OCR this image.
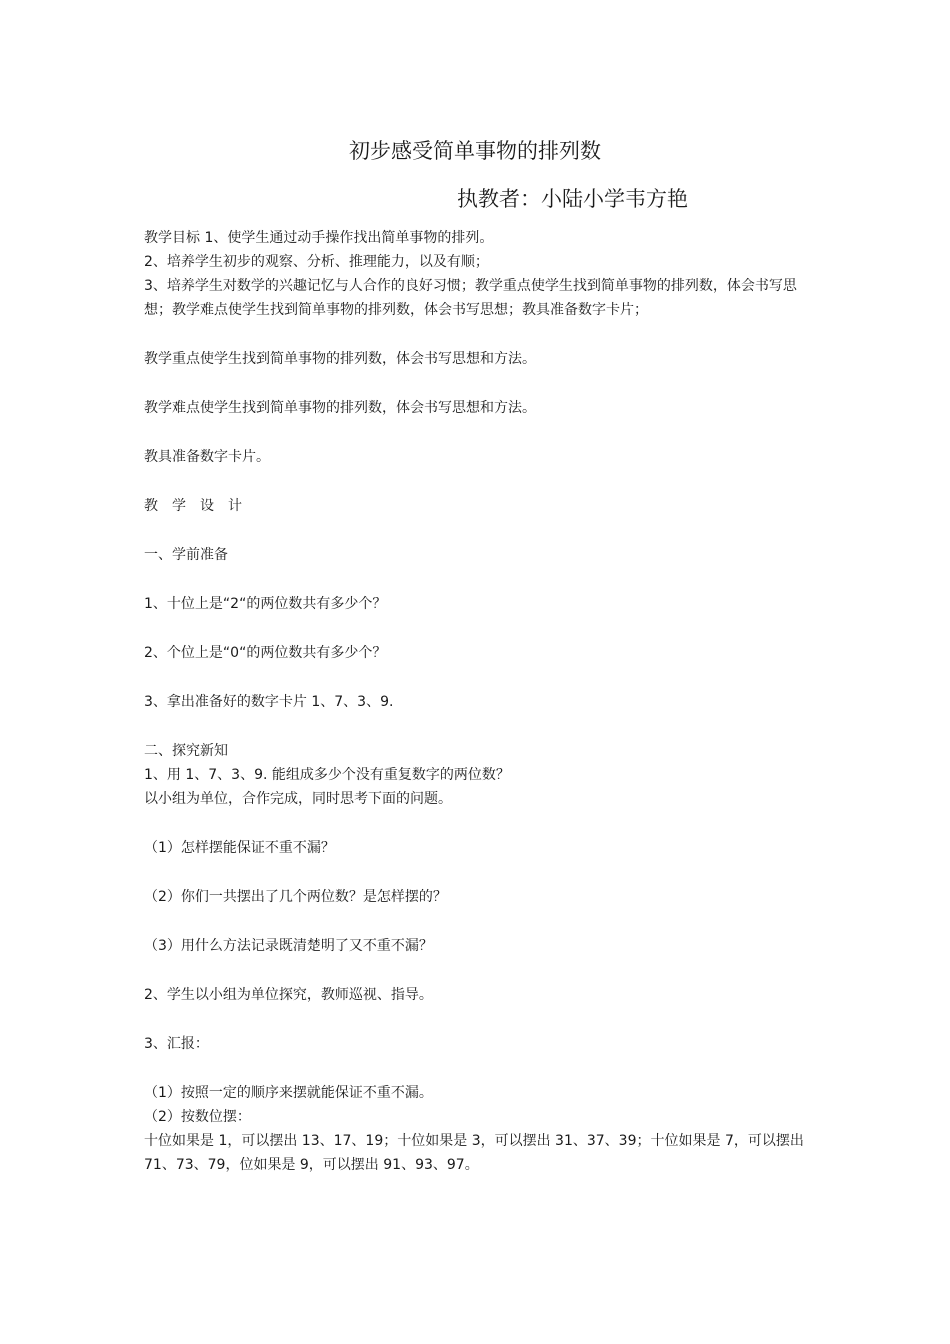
初步感受简单事物的排列数
执教者：小陆小学韦方艳

教学目标 1、使学生通过动手操作找出简单事物的排列。

2、培养学生初步的观察、分析、推理能力，以及有顺；

3、培养学生对数学的兴趣记忆与人合作的良好习惯；教学重点使学生找到简单事物的排列数，体会书写思想；教学难点使学生找到简单事物的排列数，体会书写思想；教具准备数字卡片；

教学重点使学生找到简单事物的排列数，体会书写思想和方法。

教学难点使学生找到简单事物的排列数，体会书写思想和方法。

教具准备数字卡片。

教学设计

一、学前准备

1、十位上是“2“的两位数共有多少个？

2、个位上是“0“的两位数共有多少个？

3、拿出准备好的数字卡片 1、7、3、9.

二、探究新知

1、用 1、7、3、9. 能组成多少个没有重复数字的两位数？

以小组为单位，合作完成，同时思考下面的问题。

（1）怎样摆能保证不重不漏？

（2）你们一共摆出了几个两位数？是怎样摆的？

（3）用什么方法记录既清楚明了又不重不漏？

2、学生以小组为单位探究，教师巡视、指导。

3、汇报：

（1）按照一定的顺序来摆就能保证不重不漏。

（2）按数位摆：

十位如果是 1，可以摆出 13、17、19；十位如果是 3，可以摆出 31、37、39；十位如果是 7，可以摆出 71、73、79，位如果是 9，可以摆出 91、93、97。
